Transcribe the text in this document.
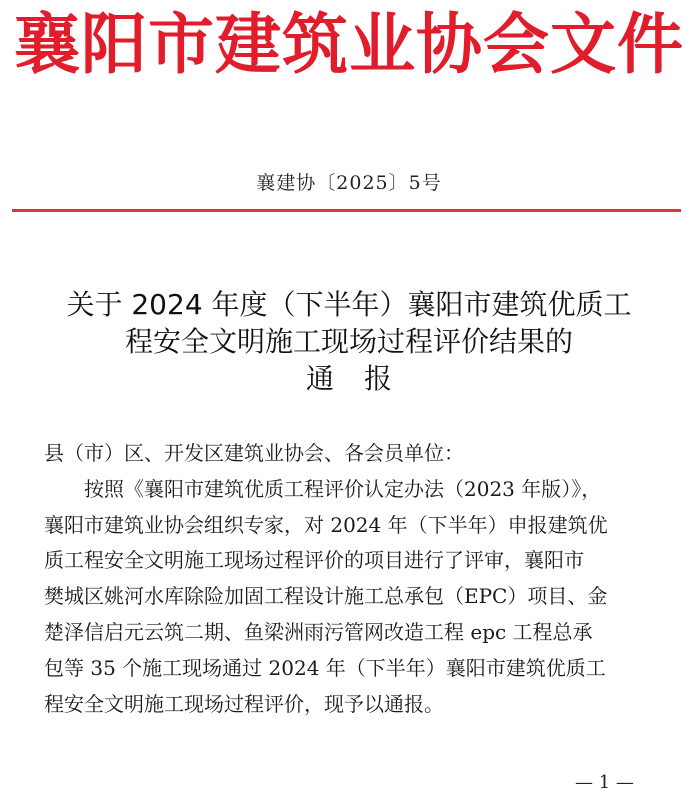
襄阳市建筑业协会文件
襄建协〔2025〕5号
关于 2024 年度（下半年）襄阳市建筑优质工
程安全文明施工现场过程评价结果的
通报
县（市）区、开发区建筑业协会、各会员单位：
按照《襄阳市建筑优质工程评价认定办法（2023 年版）》，
襄阳市建筑业协会组织专家，对 2024 年（下半年）申报建筑优
质工程安全文明施工现场过程评价的项目进行了评审，襄阳市
樊城区姚河水库除险加固工程设计施工总承包（EPC）项目、金
楚泽信启元云筑二期、鱼梁洲雨污管网改造工程 epc 工程总承
包等 35 个施工现场通过 2024 年（下半年）襄阳市建筑优质工
程安全文明施工现场过程评价，现予以通报。
— 1 —
